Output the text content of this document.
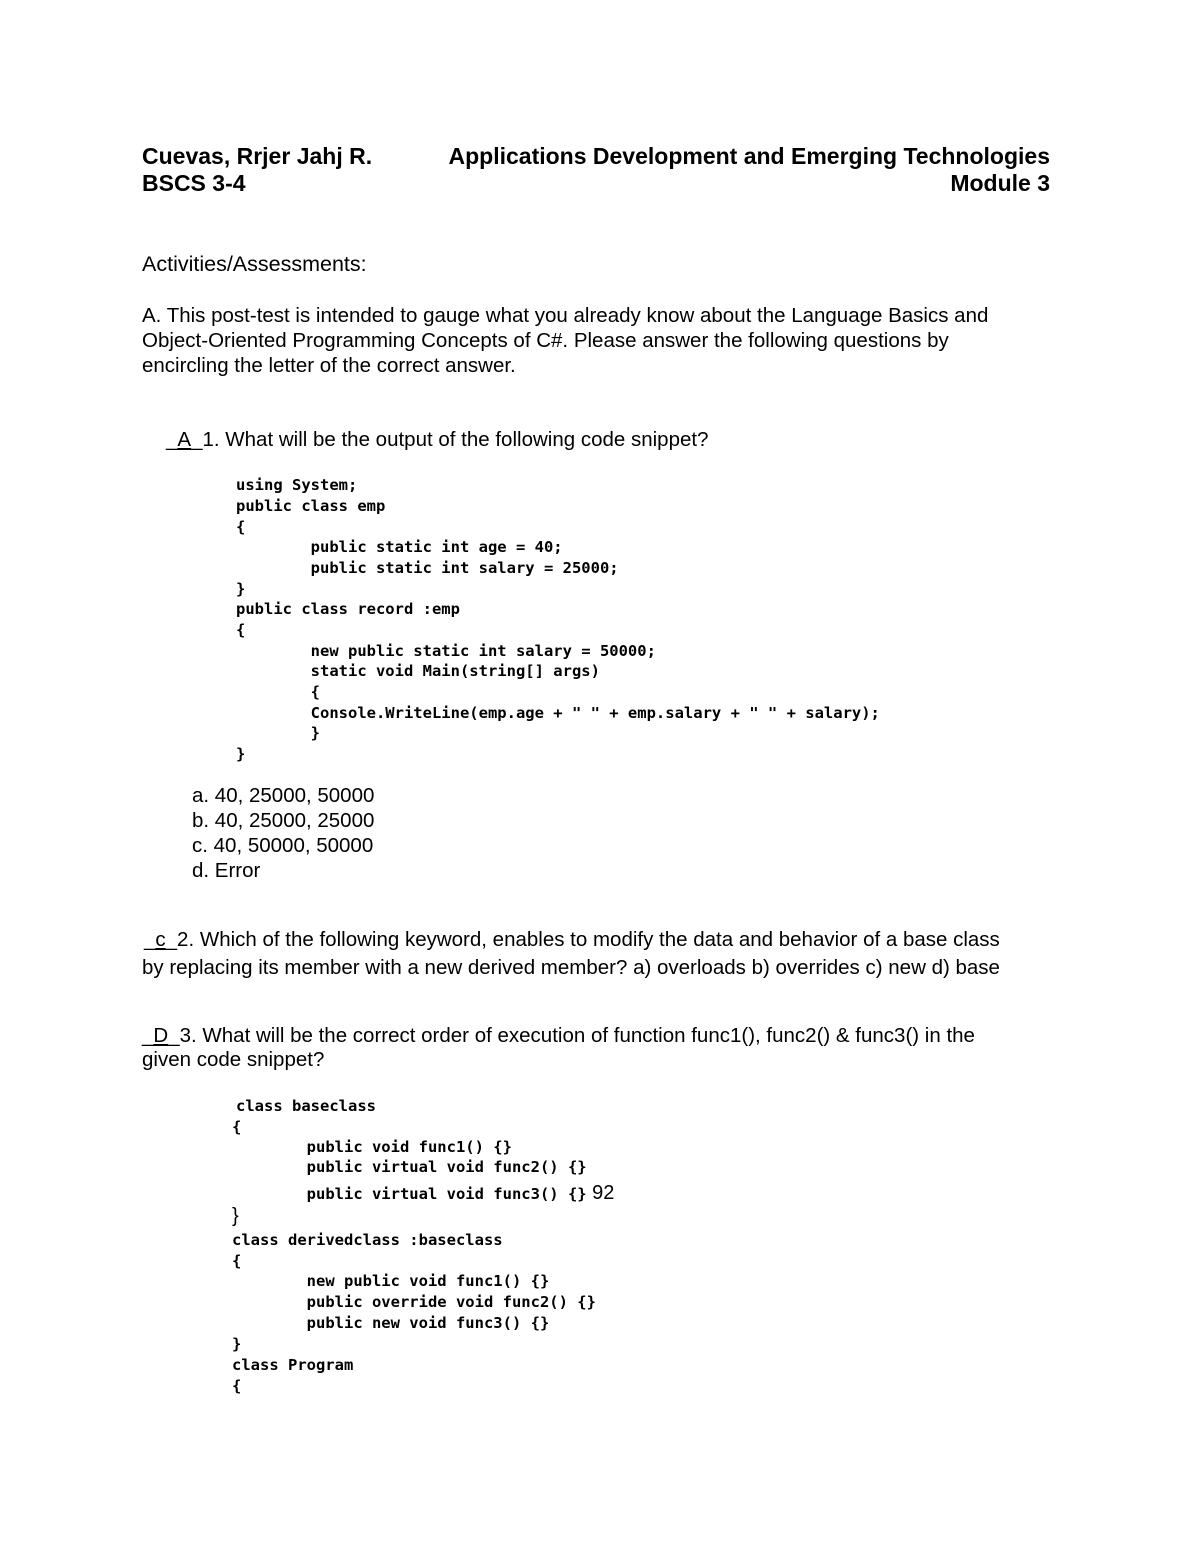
Cuevas, Rrjer Jahj R.	Applications Development and Emerging Technologies
BSCS 3-4	Module 3
Activities/Assessments:
A. This post-test is intended to gauge what you already know about the Language Basics and
Object-Oriented Programming Concepts of C#. Please answer the following questions by
encircling the letter of the correct answer.
_A_1. What will be the output of the following code snippet?
using System;
public class emp
{
public static int age = 40;
public static int salary = 25000;
}
public class record :emp
{
new public static int salary = 50000;
static void Main(string[] args)
{
Console.WriteLine(emp.age + " " + emp.salary + " " + salary);
}
}
a. 40, 25000, 50000
b. 40, 25000, 25000
c. 40, 50000, 50000
d. Error
_c_2. Which of the following keyword, enables to modify the data and behavior of a base class
by replacing its member with a new derived member? a) overloads b) overrides c) new d) base
_D_3. What will be the correct order of execution of function func1(), func2() & func3() in the
given code snippet?
class baseclass
{
public void func1() {}
public virtual void func2() {}
public virtual void func3() {} 92
}
class derivedclass :baseclass
{
new public void func1() {}
public override void func2() {}
public new void func3() {}
}
class Program
{
